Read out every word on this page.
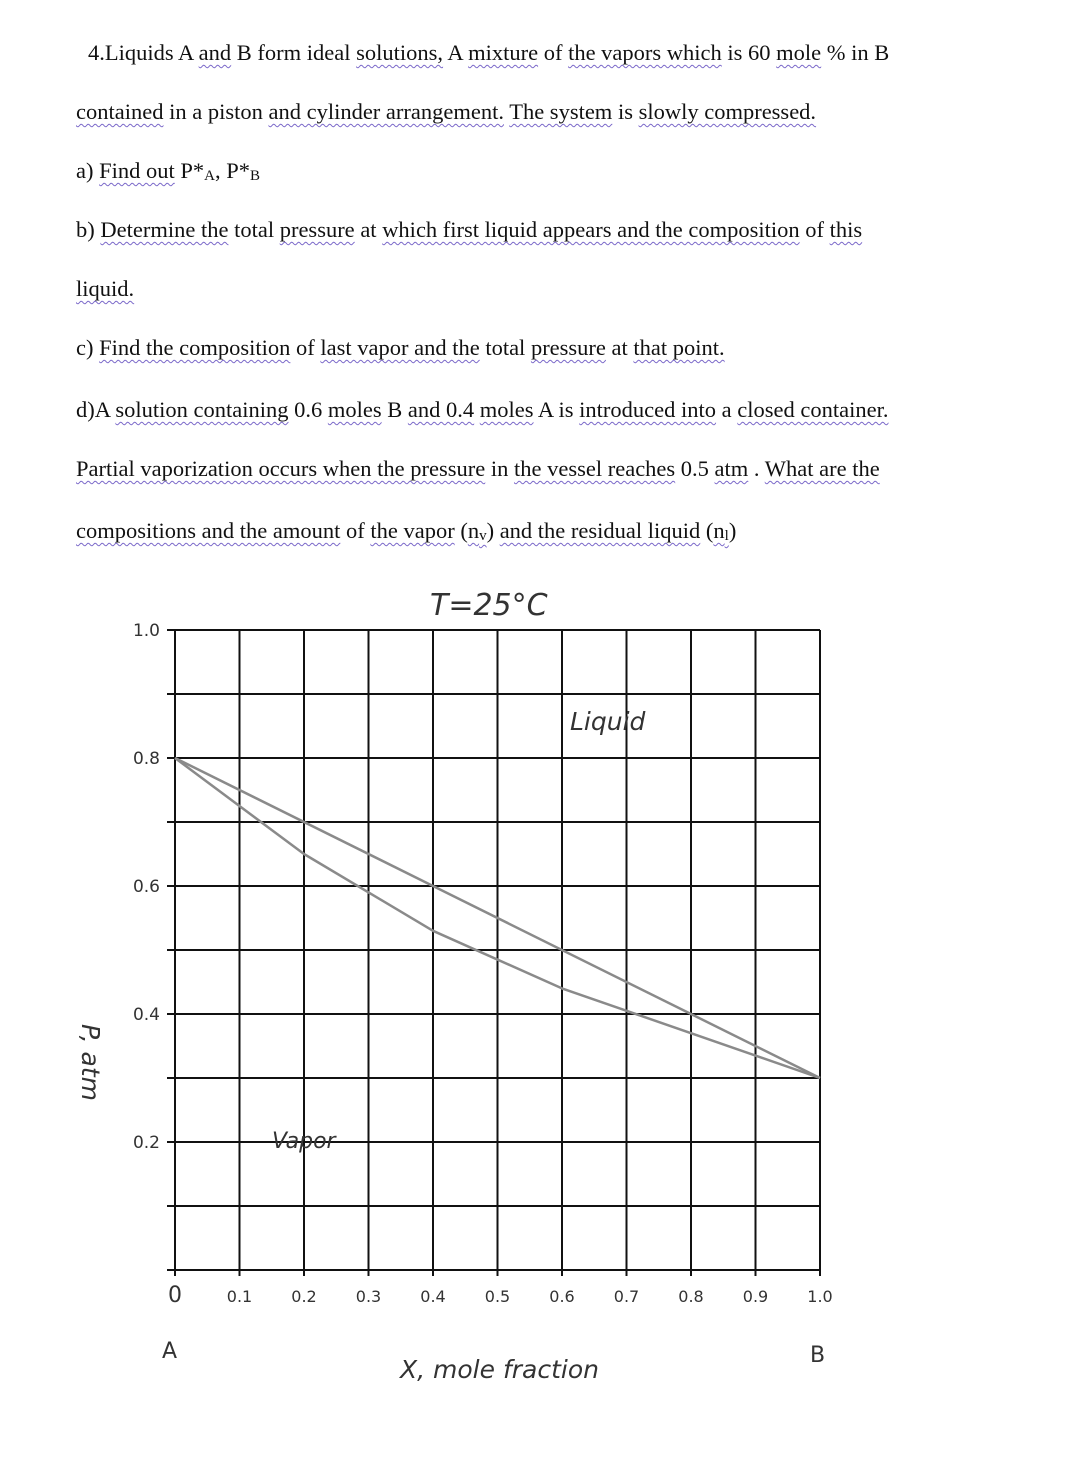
4.Liquids A and B form ideal solutions, A mixture of the vapors which is 60 mole % in B
contained in a piston and cylinder arrangement. The system is slowly compressed.
a) Find out P*A, P*B
b) Determine the total pressure at which first liquid appears and the composition of this
liquid.
c) Find the composition of last vapor and the total pressure at that point.
d)A solution containing 0.6 moles B and 0.4 moles A is introduced into a closed container.
Partial vaporization occurs when the pressure in the vessel reaches 0.5 atm . What are the
compositions and the amount of the vapor (nv) and the residual liquid (nl)
T=25°C
X, mole fraction
P, atm
A	B
Liquid
Vapor
0	0.1 0.2 0.3 0.4 0.5 0.6 0.7 0.8 0.9 1.0
0.2
0.4
0.6
0.8
1.0
